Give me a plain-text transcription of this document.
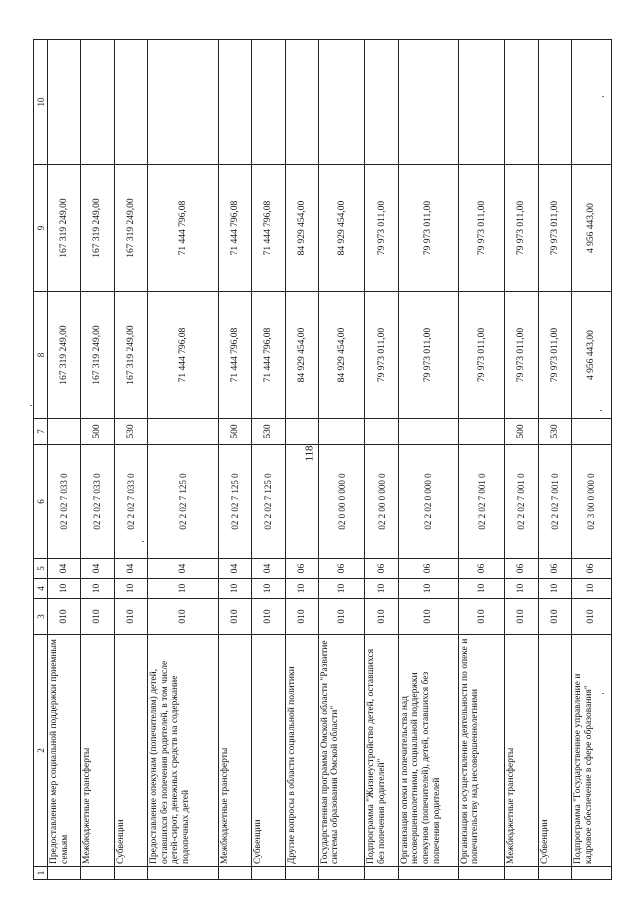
118
1	2	3	4	5	6	7	8	9	10
	Предоставление мер социальной поддержки приемным семьям	010	10	04	02 2 02 7 033 0		167 319 249,00	167 319 249,00	
	Межбюджетные трансферты	010	10	04	02 2 02 7 033 0	500	167 319 249,00	167 319 249,00	
	Субвенции	010	10	04	02 2 02 7 033 0	530	167 319 249,00	167 319 249,00	
	Предоставление опекунам (попечителям) детей, оставшихся без попечения родителей, в том числе детей-сирот, денежных средств на содержание подопечных детей	010	10	04	02 2 02 7 125 0		71 444 796,08	71 444 796,08	
	Межбюджетные трансферты	010	10	04	02 2 02 7 125 0	500	71 444 796,08	71 444 796,08	
	Субвенции	010	10	04	02 2 02 7 125 0	530	71 444 796,08	71 444 796,08	
	Другие вопросы в области социальной политики	010	10	06			84 929 454,00	84 929 454,00	
	Государственная программа Омской области "Развитие системы образования Омской области"	010	10	06	02 0 00 0 000 0		84 929 454,00	84 929 454,00	
	Подпрограмма "Жизнеустройство детей, оставшихся без попечения родителей"	010	10	06	02 2 00 0 000 0		79 973 011,00	79 973 011,00	
	Организация опеки и попечительства над несовершеннолетними, социальной поддержки опекунов (попечителей), детей, оставшихся без попечения родителей	010	10	06	02 2 02 0 000 0		79 973 011,00	79 973 011,00	
	Организация и осуществление деятельности по опеке и попечительству над несовершеннолетними	010	10	06	02 2 02 7 001 0		79 973 011,00	79 973 011,00	
	Межбюджетные трансферты	010	10	06	02 2 02 7 001 0	500	79 973 011,00	79 973 011,00	
	Субвенции	010	10	06	02 2 02 7 001 0	530	79 973 011,00	79 973 011,00	
	Подпрограмма "Государственное управление и кадровое обеспечение в сфере образования"	010	10	06	02 3 00 0 000 0		4 956 443,00	4 956 443,00	
